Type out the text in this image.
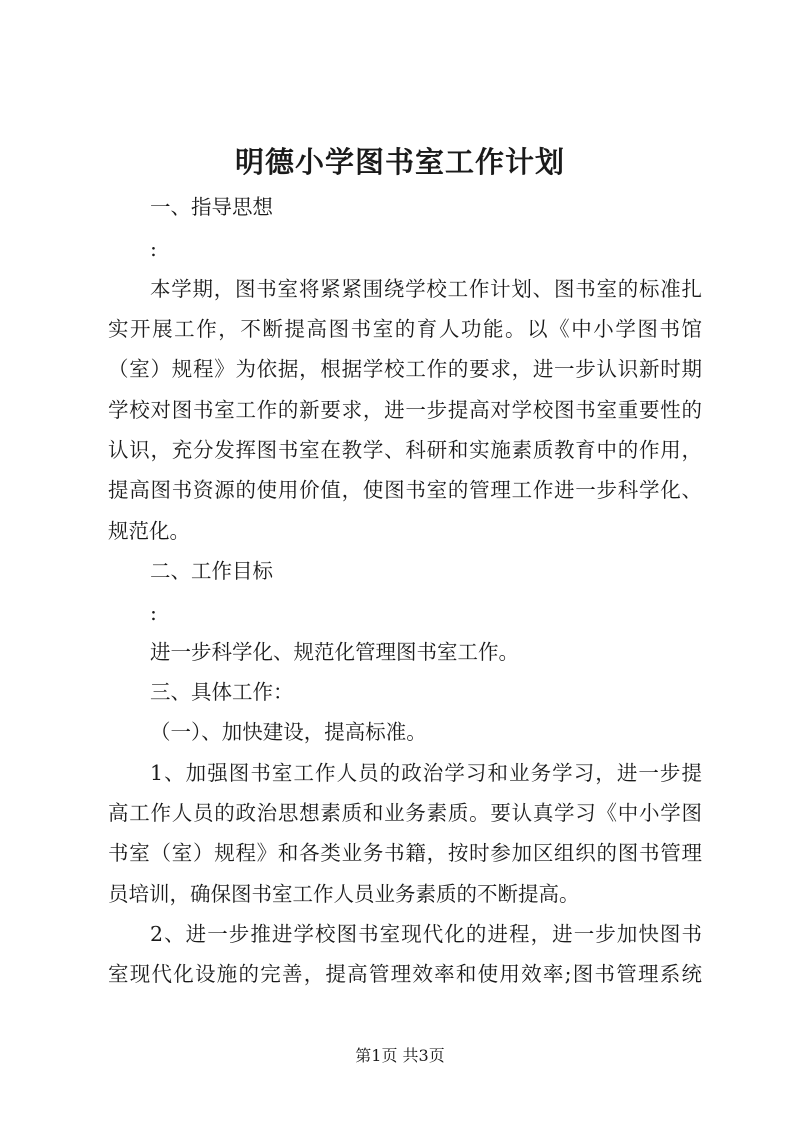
明德小学图书室工作计划
一、指导思想
:
本学期，图书室将紧紧围绕学校工作计划、图书室的标准扎
实开展工作，不断提高图书室的育人功能。以《中小学图书馆
（室）规程》为依据，根据学校工作的要求，进一步认识新时期
学校对图书室工作的新要求，进一步提高对学校图书室重要性的
认识，充分发挥图书室在教学、科研和实施素质教育中的作用，
提高图书资源的使用价值，使图书室的管理工作进一步科学化、
规范化。
二、工作目标
:
进一步科学化、规范化管理图书室工作。
三、具体工作：
（一）、加快建设，提高标准。
1、加强图书室工作人员的政治学习和业务学习，进一步提
高工作人员的政治思想素质和业务素质。要认真学习《中小学图
书室（室）规程》和各类业务书籍，按时参加区组织的图书管理
员培训，确保图书室工作人员业务素质的不断提高。
2、进一步推进学校图书室现代化的进程，进一步加快图书
室现代化设施的完善，提高管理效率和使用效率;图书管理系统
第1页 共3页
